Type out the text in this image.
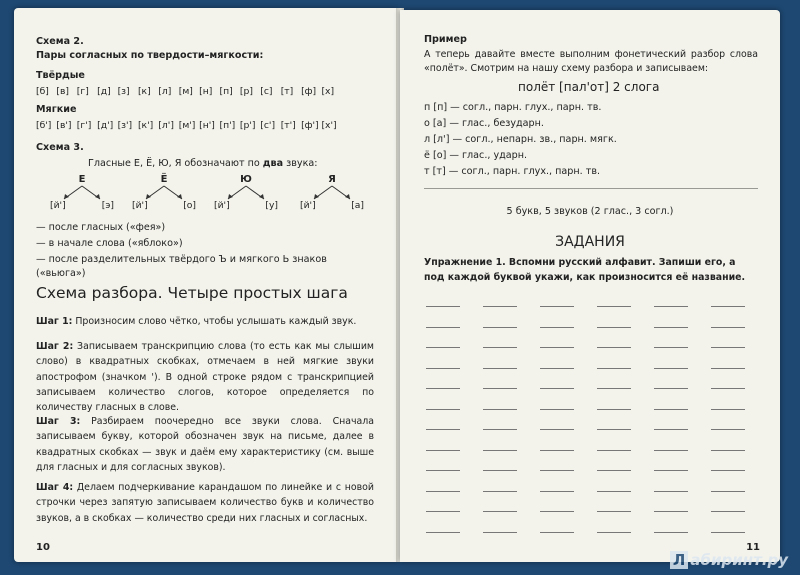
Схема 2.
Пары согласных по твердости–мягкости:
Твёрдые
[б] [в] [г] [д] [з] [к] [л] [м] [н] [п] [р] [с] [т] [ф] [х]
Мягкие
[б'] [в'] [г'] [д'] [з'] [к'] [л'] [м'] [н'] [п'] [р'] [с'] [т'] [ф'] [х']
Схема 3.
Гласные Е, Ё, Ю, Я обозначают по два звука:
Е
[й']	[э]
Ё
[й']	[о]
Ю
[й']	[у]
Я
[й']	[а]
— после гласных («фея»)
— в начале слова («яблоко»)
— после разделительных твёрдого Ъ и мягкого Ь знаков
(«вьюга»)
Схема разбора. Четыре простых шага
Шаг 1: Произносим слово чётко, чтобы услышать каждый звук.
Шаг 2: Записываем транскрипцию слова (то есть как мы слышим слово) в квадратных скобках, отмечаем в ней мягкие звуки апострофом (значком '). В одной строке рядом с транскрипцией записываем количество слогов, которое определяется по количеству гласных в слове.
Шаг 3: Разбираем поочередно все звуки слова. Сначала записываем букву, которой обозначен звук на письме, далее в квадратных скобках — звук и даём ему характеристику (см. выше для гласных и для согласных звуков).
Шаг 4: Делаем подчеркивание карандашом по линейке и с новой строчки через запятую записываем количество букв и количество звуков, а в скобках — количество среди них гласных и согласных.
10
Пример
А теперь давайте вместе выполним фонетический разбор слова «полёт». Смотрим на нашу схему разбора и записываем:
полёт [пал'от] 2 слога
п [п] — согл., парн. глух., парн. тв.
о [а] — глас., безударн.
л [л'] — согл., непарн. зв., парн. мягк.
ё [о] — глас., ударн.
т [т] — согл., парн. глух., парн. тв.
5 букв, 5 звуков (2 глас., 3 согл.)
ЗАДАНИЯ
Упражнение 1. Вспомни русский алфавит. Запиши его, а под каждой буквой укажи, как произносится её название.
11
Л абиринт.ру
